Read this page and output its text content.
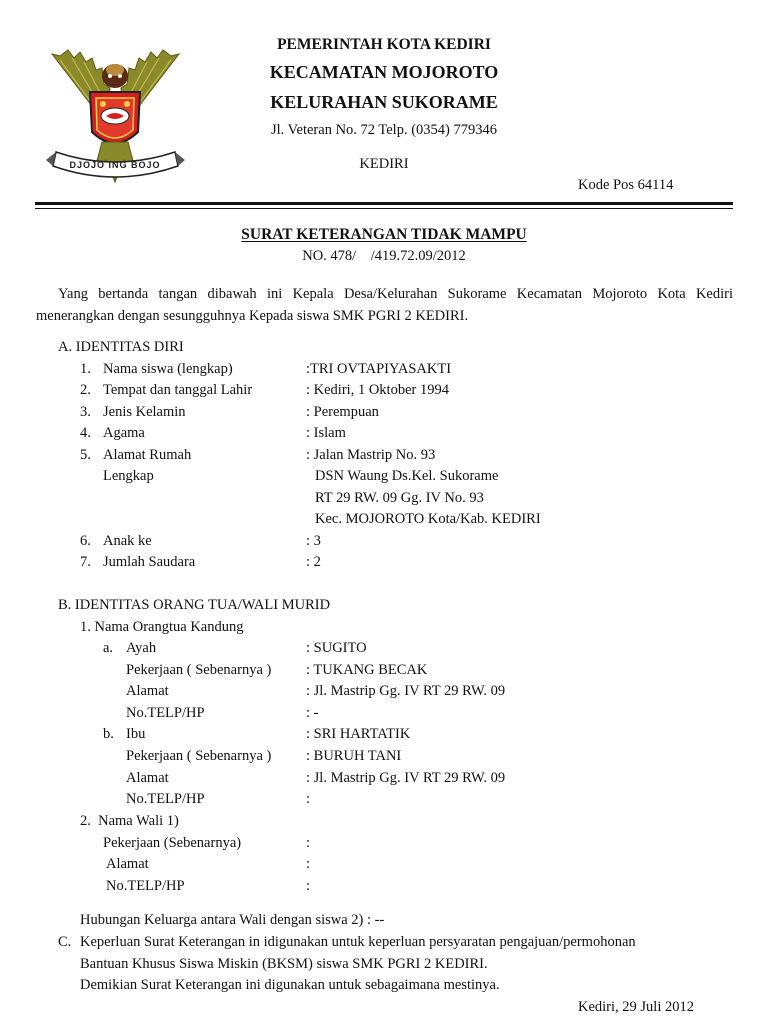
DJOJO ING BOJO
PEMERINTAH KOTA KEDIRI
KECAMATAN MOJOROTO
KELURAHAN SUKORAME
Jl. Veteran No. 72 Telp. (0354) 779346
KEDIRI
Kode Pos 64114
SURAT KETERANGAN TIDAK MAMPU
NO. 478/    /419.72.09/2012
Yang bertanda tangan dibawah ini Kepala Desa/Kelurahan Sukorame Kecamatan Mojoroto Kota Kediri menerangkan dengan sesungguhnya Kepada siswa SMK PGRI 2 KEDIRI.
A. IDENTITAS DIRI
1. Nama siswa (lengkap)	:TRI OVTAPIYASAKTI
2. Tempat dan tanggal Lahir	: Kediri, 1 Oktober 1994
3. Jenis Kelamin	: Perempuan
4. Agama	: Islam
5. Alamat Rumah	: Jalan Mastrip No. 93
Lengkap	DSN Waung Ds.Kel. Sukorame
RT 29 RW. 09 Gg. IV No. 93
Kec. MOJOROTO Kota/Kab. KEDIRI
6. Anak ke	: 3
7. Jumlah Saudara	: 2
B. IDENTITAS ORANG TUA/WALI MURID
1. Nama Orangtua Kandung
a. Ayah	: SUGITO
Pekerjaan ( Sebenarnya ) : TUKANG BECAK
Alamat	: Jl. Mastrip Gg. IV RT 29 RW. 09
No.TELP/HP	: -
b. Ibu	: SRI HARTATIK
Pekerjaan ( Sebenarnya ) : BURUH TANI
Alamat	: Jl. Mastrip Gg. IV RT 29 RW. 09
No.TELP/HP	:
2.  Nama Wali 1)
Pekerjaan (Sebenarnya)	:
Alamat	:
No.TELP/HP	:
Hubungan Keluarga antara Wali dengan siswa 2) : --
C. Keperluan Surat Keterangan in idigunakan untuk keperluan persyaratan pengajuan/permohonan
Bantuan Khusus Siswa Miskin (BKSM) siswa SMK PGRI 2 KEDIRI.
Demikian Surat Keterangan ini digunakan untuk sebagaimana mestinya.
Kediri, 29 Juli 2012
